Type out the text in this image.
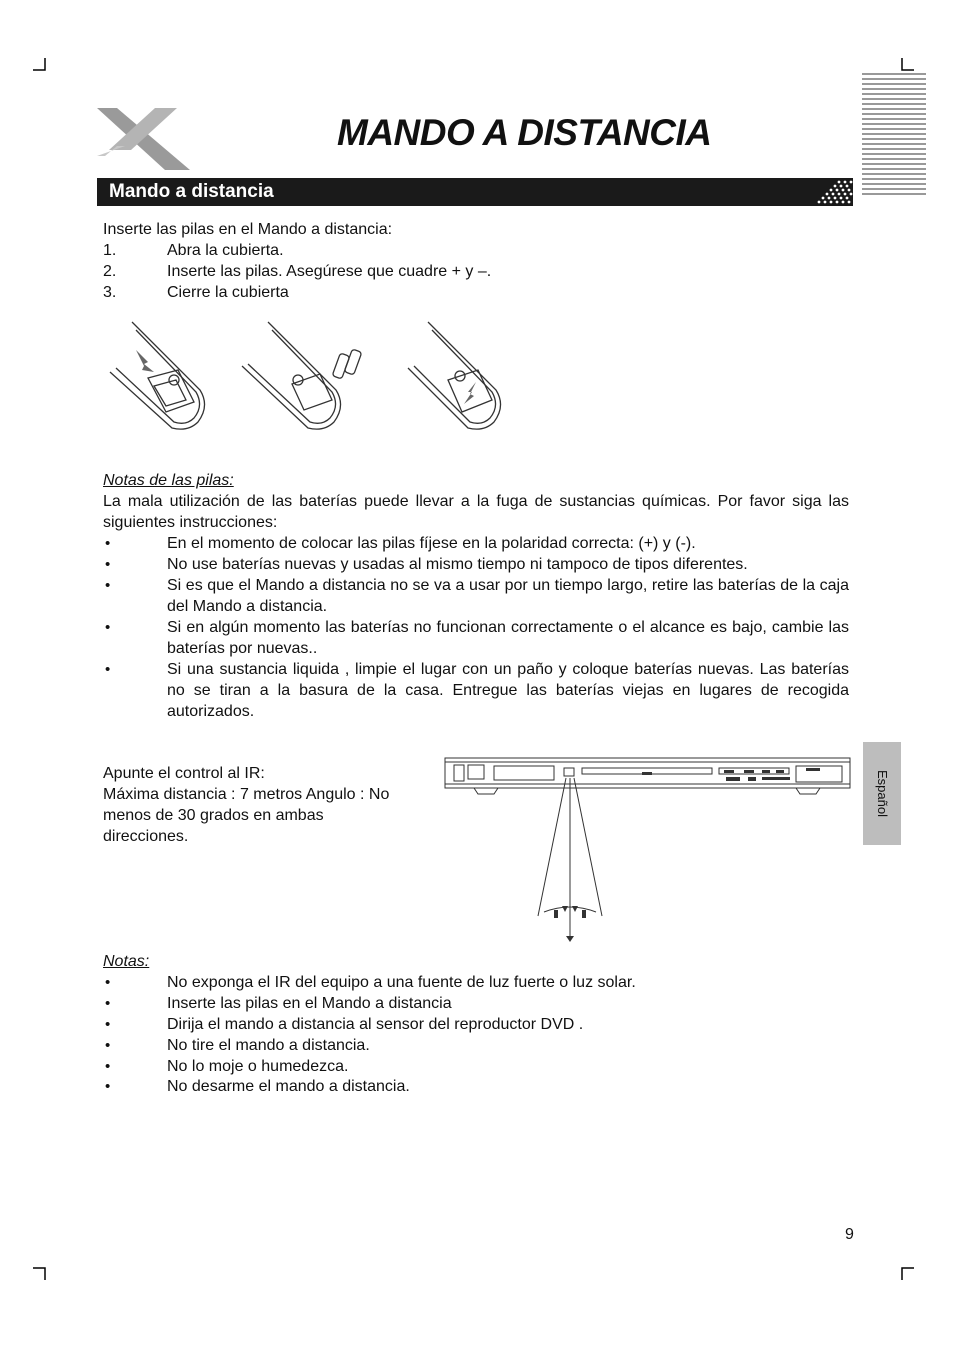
MANDO A DISTANCIA
Mando a distancia
Inserte las pilas en el Mando a distancia:
1.	Abra la cubierta.
2.	Inserte las pilas. Asegúrese que cuadre + y –.
3.	Cierre la cubierta
Notas de las pilas:
La mala utilización de las baterías puede llevar a la fuga de sustancias químicas. Por favor siga las siguientes instrucciones:
•	En el momento de colocar las pilas fíjese en la polaridad correcta: (+) y (-).
•	No use baterías nuevas y usadas al mismo tiempo ni tampoco de tipos diferentes.
•	Si es que el Mando a distancia no se va a usar por un tiempo largo, retire las baterías de la caja del Mando a distancia.
•	Si en algún momento las baterías no funcionan correctamente o el alcance es bajo, cambie las baterías por nuevas..
•	Si una sustancia liquida , limpie el lugar con un paño y coloque baterías nuevas. Las baterías no se tiran a la basura de la casa. Entregue las baterías viejas en lugares de recogida autorizados.
Apunte el control al IR:
Máxima distancia : 7 metros Angulo : No
menos de 30 grados en ambas
direcciones.
Notas:
•	No exponga el IR del equipo a una fuente de luz fuerte o luz solar.
•	Inserte las pilas en el Mando a distancia
•	Dirija el mando a distancia al sensor del reproductor DVD .
•	No tire el mando a distancia.
•	No lo moje o humedezca.
•	No desarme el mando a distancia.
Español
9
